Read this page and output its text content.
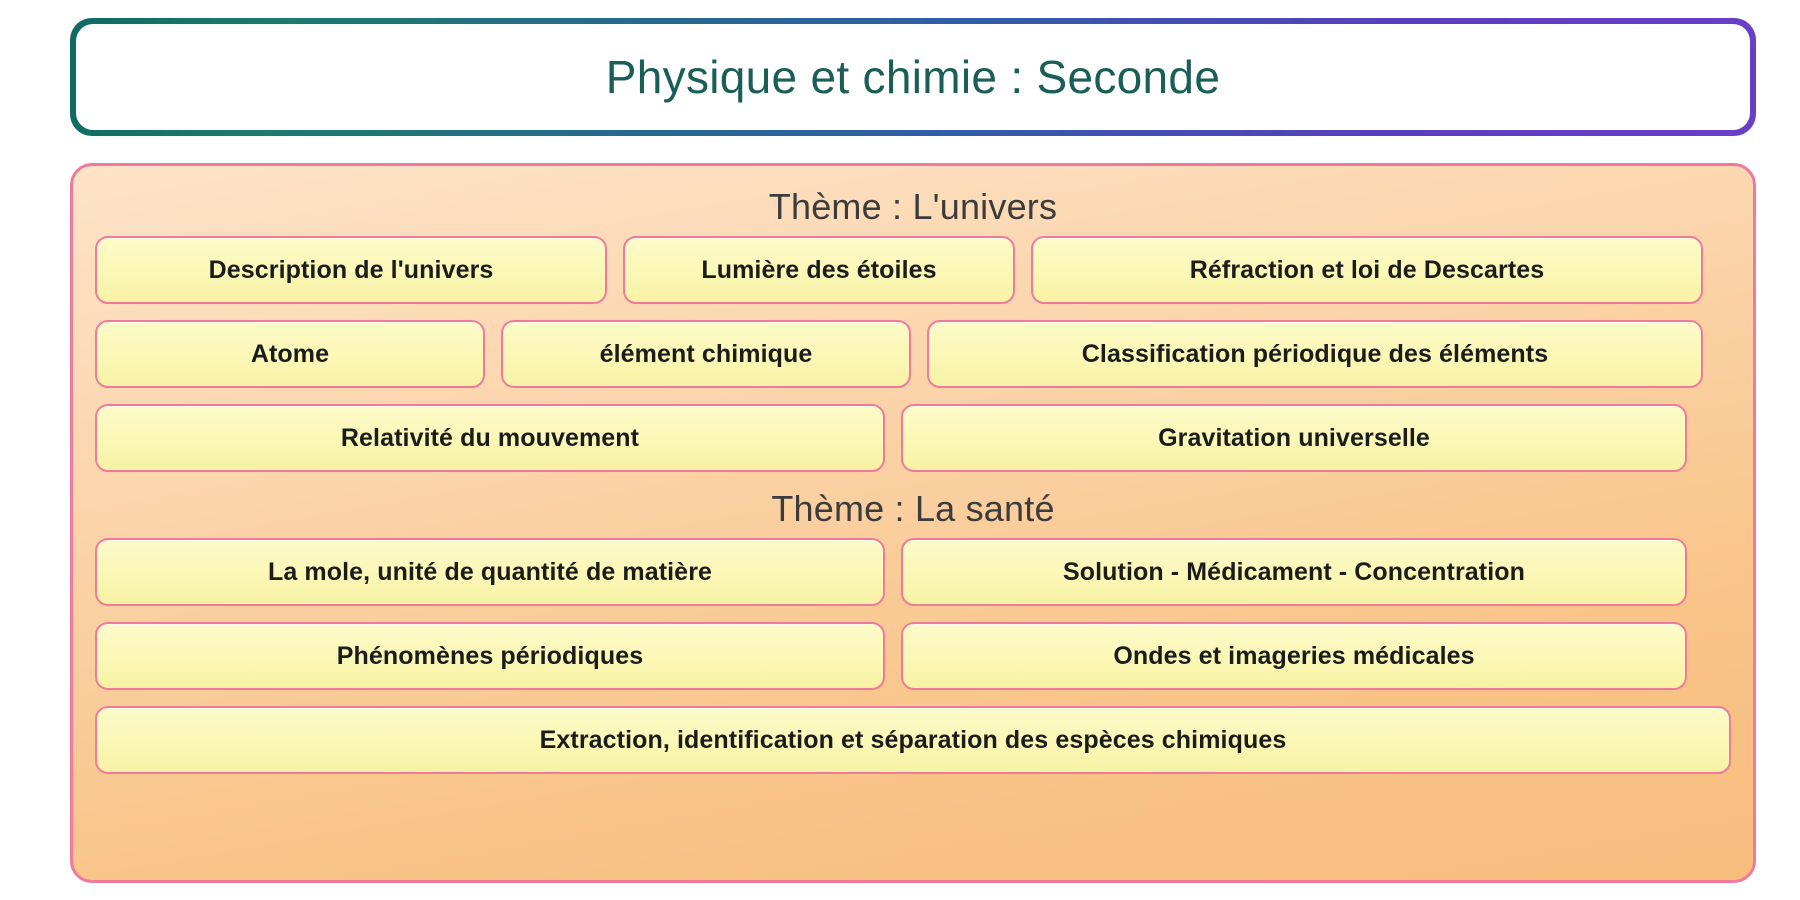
Physique et chimie : Seconde
Thème : L'univers
Description de l'univers	Lumière des étoiles	Réfraction et loi de Descartes
Atome	élément chimique	Classification périodique des éléments
Relativité du mouvement	Gravitation universelle
Thème : La santé
La mole, unité de quantité de matière	Solution - Médicament - Concentration
Phénomènes périodiques	Ondes et imageries médicales
Extraction, identification et séparation des espèces chimiques
